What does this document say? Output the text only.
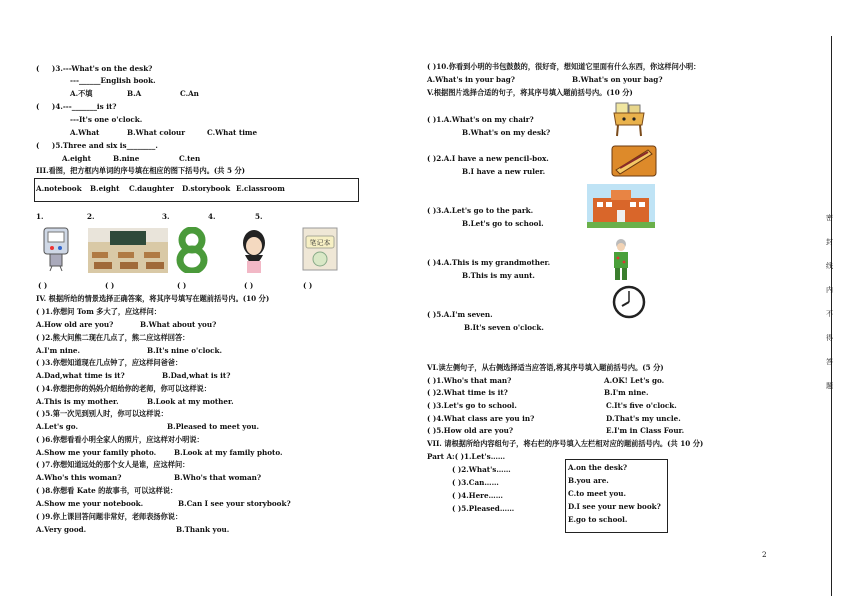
( )3.---What's on the desk?
---______English book.
A.不填	B.A	C.An
( )4.---_______is it?
---It's one o'clock.
A.What	B.What colour	C.What time
( )5.Three and six is________.
A.eight	B.nine	C.ten
III.看图，把方框内单词的序号填在相应的图下括号内。(共 5 分)
A.notebook B.eight C.daughter D.storybook E.classroom
1.	2.	3.	4.	5.
笔记本
( )	( )	( )	( )	( )
IV. 根据所给的情景选择正确答案，将其序号填写在题前括号内。(10 分)
( )1.你想问 Tom 多大了，应这样问：
A.How old are you?	B.What about you?
( )2.熊大问熊二现在几点了，熊二应这样回答：
A.I'm nine.	B.It's nine o'clock.
( )3.你想知道现在几点钟了，应这样问爸爸：
A.Dad,what time is it?	B.Dad,what is it?
( )4.你想把你的妈妈介绍给你的老师，你可以这样说：
A.This is my mother.	B.Look at my mother.
( )5.第一次见到别人时，你可以这样说：
A.Let's go.	B.Pleased to meet you.
( )6.你想看看小明全家人的照片，应这样对小明说：
A.Show me your family photo. B.Look at my family photo.
( )7.你想知道远处的那个女人是谁，应这样问：
A.Who's this woman?	B.Who's that woman?
( )8.你想看 Kate 的故事书，可以这样说：
A.Show me your notebook.	B.Can I see your storybook?
( )9.你上课回答问题非常好，老师表扬你说：
A.Very good.	B.Thank you.
( )10.你看到小明的书包鼓鼓的，很好奇，想知道它里面有什么东西，你这样问小明：
A.What's in your bag?	B.What's on your bag?
V.根据图片选择合适的句子，将其序号填入题前括号内。(10 分)
( )1.A.What's on my chair?
B.What's on my desk?
( )2.A.I have a new pencil-box.
B.I have a new ruler.
( )3.A.Let's go to the park.
B.Let's go to school.
( )4.A.This is my grandmother.
B.This is my aunt.
( )5.A.I'm seven.
B.It's seven o'clock.
VI.读左侧句子，从右侧选择适当应答语,将其序号填入题前括号内。(5 分)
( )1.Who's that man?	A.OK! Let's go.
( )2.What time is it?	B.I'm nine.
( )3.Let's go to school.	C.It's five o'clock.
( )4.What class are you in?	D.That's my uncle.
( )5.How old are you?	E.I'm in Class Four.
VII. 请根据所给内容组句子，将右栏的序号填入左栏相对应的题前括号内。(共 10 分)
Part A:( )1.Let's……
( )2.What's……
( )3.Can……
( )4.Here……
( )5.Pleased……
A.on the desk?
B.you are.
C.to meet you.
D.I see your new book?
E.go to school.
2
密
封
线
内
不
得
答
题
